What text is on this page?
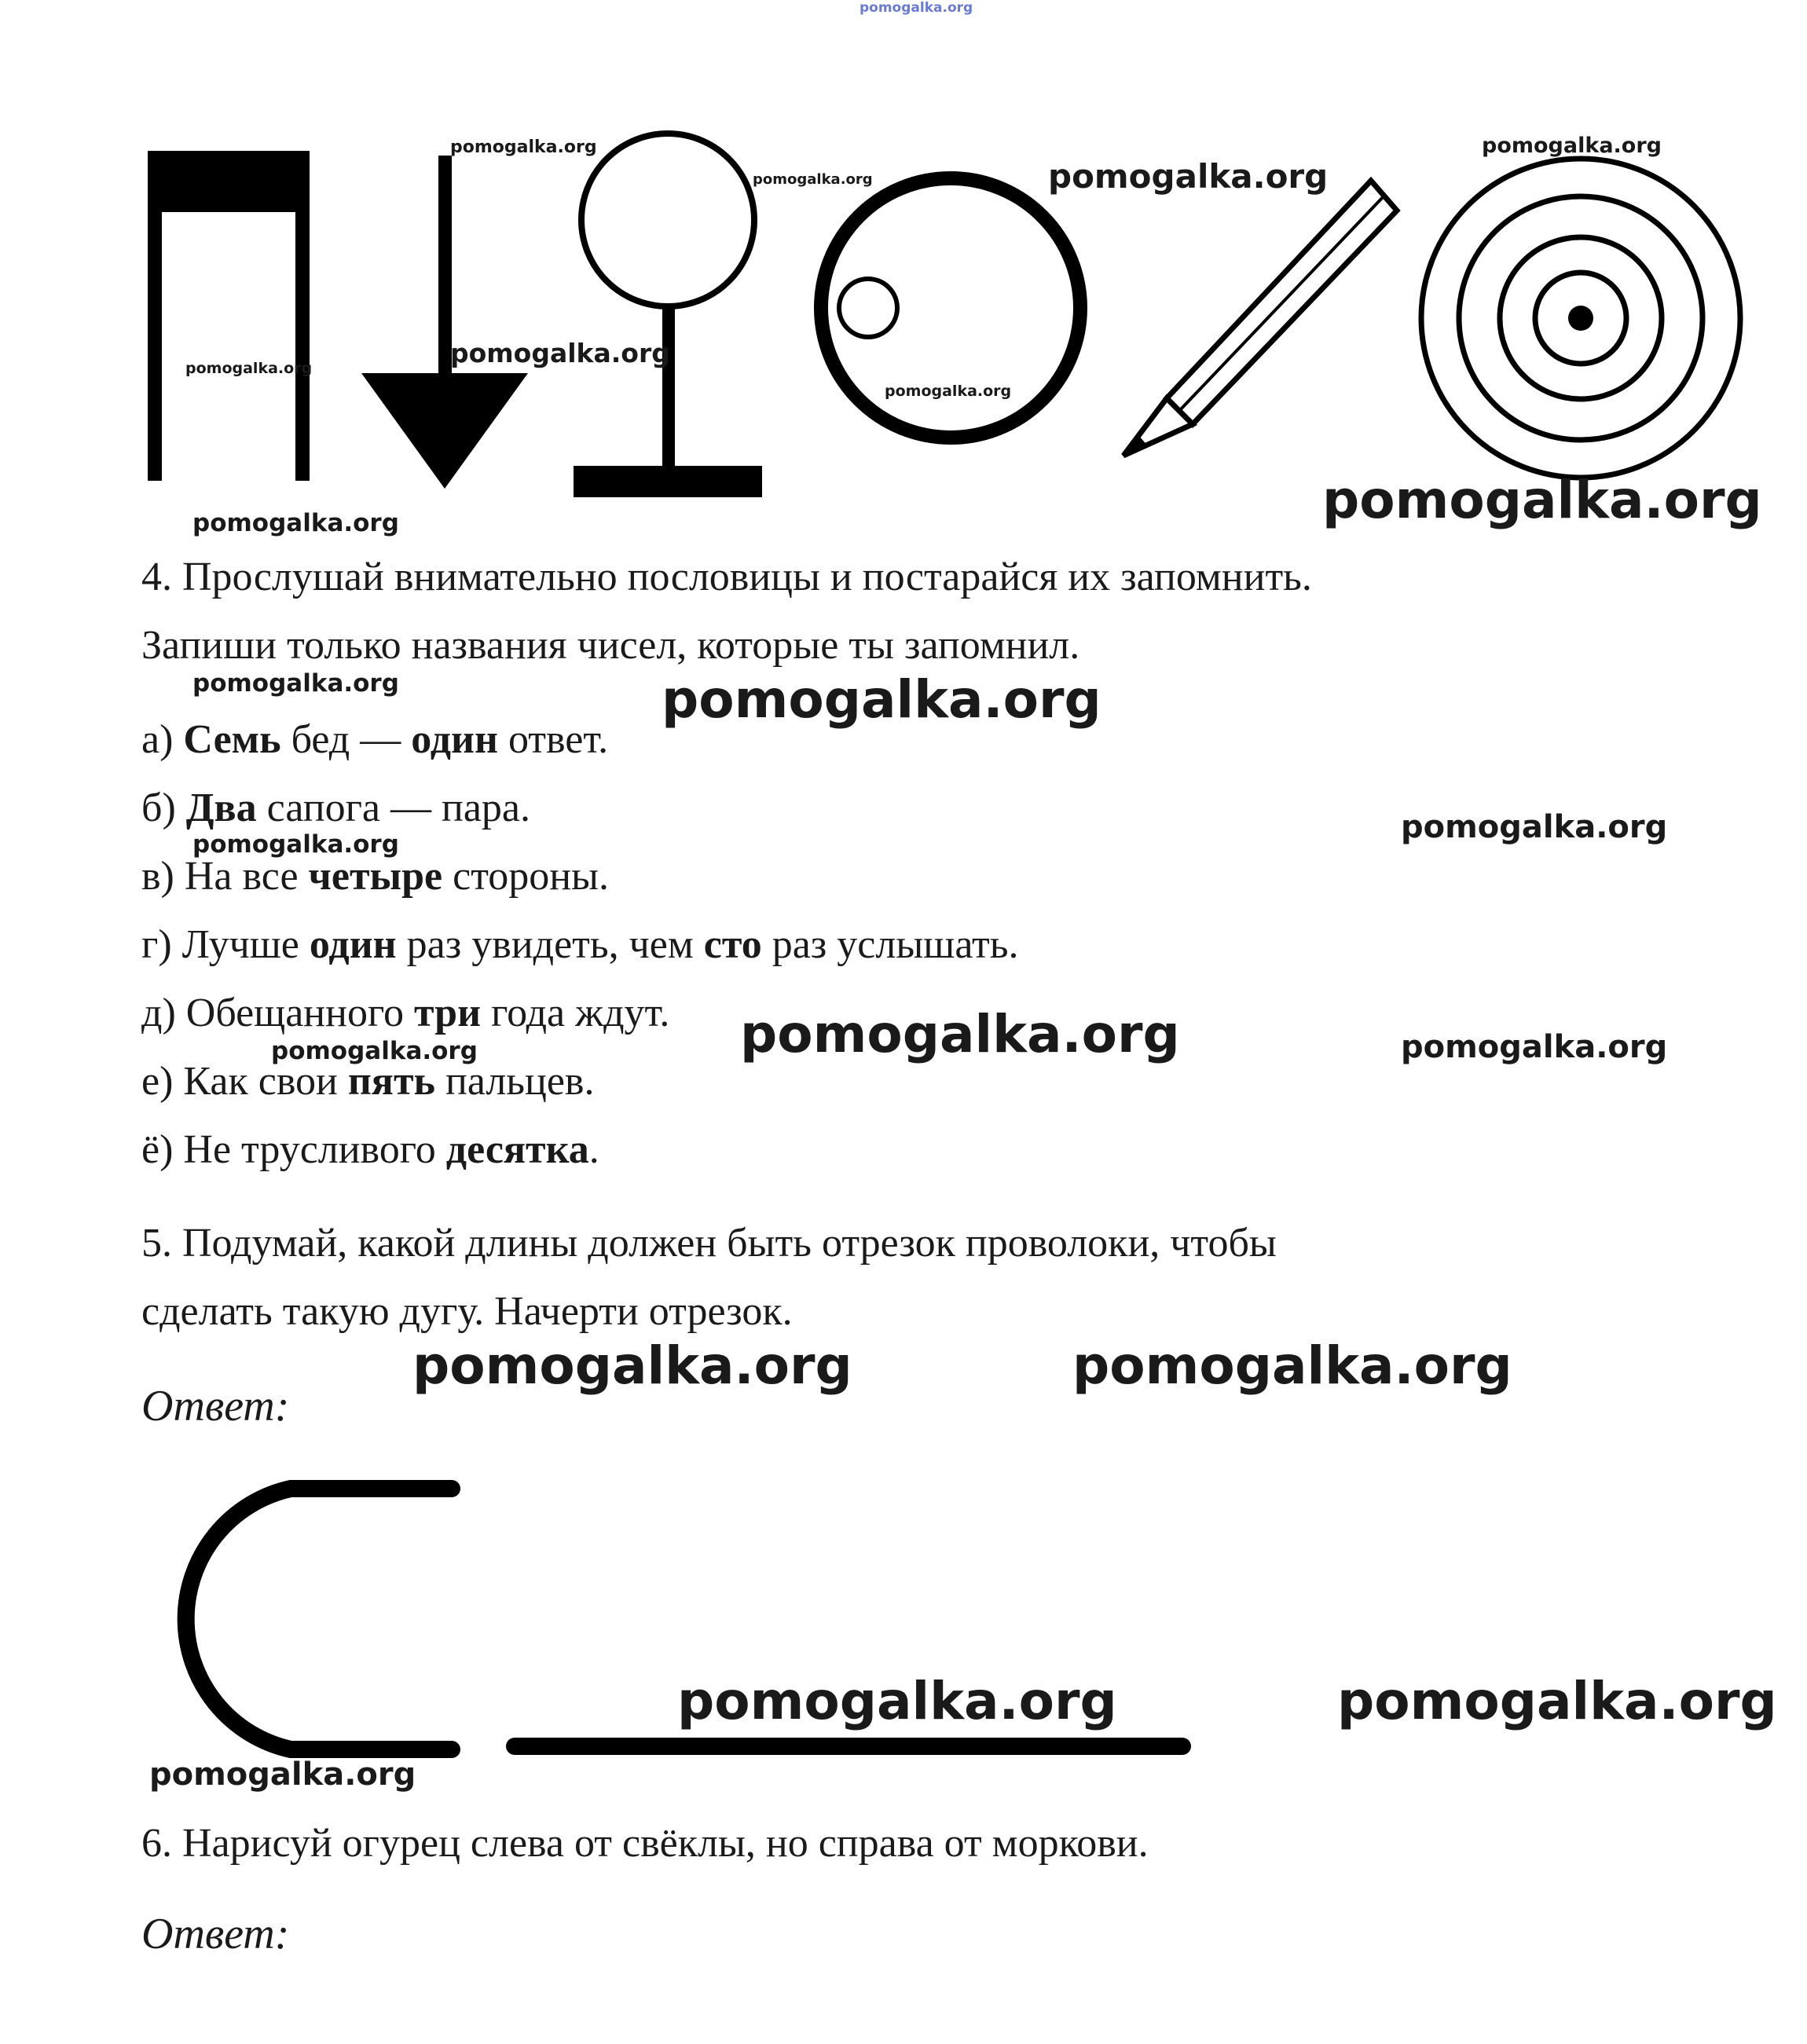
pomogalka.org
pomogalka.org
pomogalka.org	pomogalka.org
pomogalka.org
pomogalka.org	pomogalka.org
pomogalka.org
pomogalka.org	pomogalka.org
4. Прослушай внимательно пословицы и постарайся их запомнить.
Запиши только названия чисел, которые ты запомнил.
а) Семь бед — один ответ.
б) Два сапога — пара.
в) На все четыре стороны.
г) Лучше один раз увидеть, чем сто раз услышать.
д) Обещанного три года ждут.
е) Как свои пять пальцев.
ё) Не трусливого десятка.
pomogalka.org	pomogalka.org
pomogalka.org
pomogalka.org
pomogalka.org	pomogalka.org
pomogalka.org
5. Подумай, какой длины должен быть отрезок проволоки, чтобы
сделать такую дугу. Начерти отрезок.
Ответ:
pomogalka.org	pomogalka.org
pomogalka.org	pomogalka.org
pomogalka.org
6. Нарисуй огурец слева от свёклы, но справа от моркови.
Ответ:
